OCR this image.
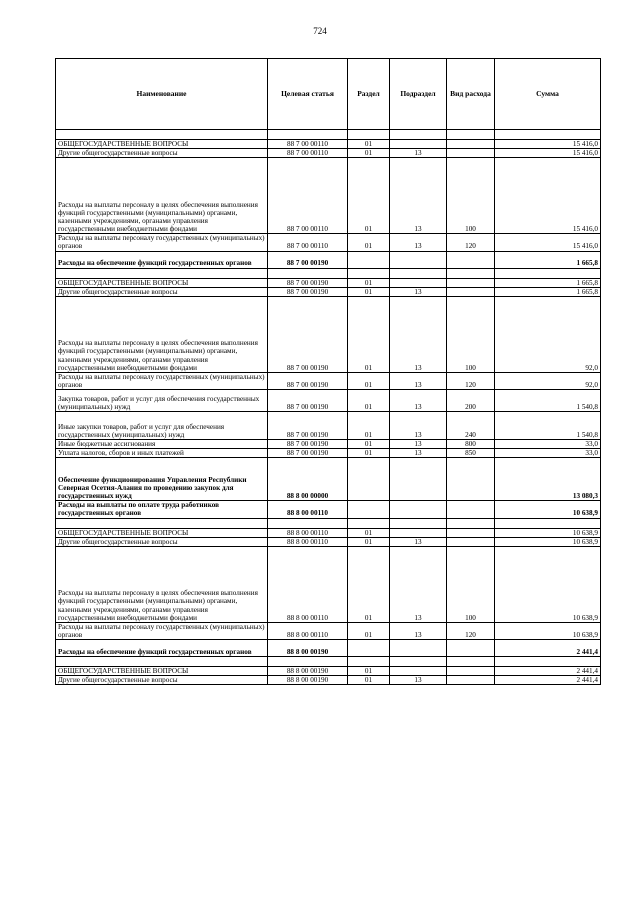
724
Наименование	Целевая статья	Раздел	Подраздел	Вид расхода	Сумма

ОБЩЕГОСУДАРСТВЕННЫЕ ВОПРОСЫ	88 7 00 00110	01			15 416,0
Другие общегосударственные вопросы	88 7 00 00110	01	13		15 416,0
Расходы на выплаты персоналу в целях обеспечения выполнения функций государственными (муниципальными) органами, казенными учреждениями, органами управления государственными внебюджетными фондами	88 7 00 00110	01	13	100	15 416,0
Расходы на выплаты персоналу государственных (муниципальных) органов	88 7 00 00110	01	13	120	15 416,0
Расходы на обеспечение функций государственных органов	88 7 00 00190				1 665,8

ОБЩЕГОСУДАРСТВЕННЫЕ ВОПРОСЫ	88 7 00 00190	01			1 665,8
Другие общегосударственные вопросы	88 7 00 00190	01	13		1 665,8
Расходы на выплаты персоналу в целях обеспечения выполнения функций государственными (муниципальными) органами, казенными учреждениями, органами управления государственными внебюджетными фондами	88 7 00 00190	01	13	100	92,0
Расходы на выплаты персоналу государственных (муниципальных) органов	88 7 00 00190	01	13	120	92,0
Закупка товаров, работ и услуг для обеспечения государственных (муниципальных) нужд	88 7 00 00190	01	13	200	1 540,8
Иные закупки товаров, работ и услуг для обеспечения государственных (муниципальных) нужд	88 7 00 00190	01	13	240	1 540,8
Иные бюджетные ассигнования	88 7 00 00190	01	13	800	33,0
Уплата налогов, сборов и иных платежей	88 7 00 00190	01	13	850	33,0
Обеспечение функционирования Управления Республики Северная Осетия-Алания по проведению закупок для государственных нужд	88 8 00 00000				13 080,3
Расходы на выплаты по оплате труда работников государственных органов	88 8 00 00110				10 638,9

ОБЩЕГОСУДАРСТВЕННЫЕ ВОПРОСЫ	88 8 00 00110	01			10 638,9
Другие общегосударственные вопросы	88 8 00 00110	01	13		10 638,9
Расходы на выплаты персоналу в целях обеспечения выполнения функций государственными (муниципальными) органами, казенными учреждениями, органами управления государственными внебюджетными фондами	88 8 00 00110	01	13	100	10 638,9
Расходы на выплаты персоналу государственных (муниципальных) органов	88 8 00 00110	01	13	120	10 638,9
Расходы на обеспечение функций государственных органов	88 8 00 00190				2 441,4

ОБЩЕГОСУДАРСТВЕННЫЕ ВОПРОСЫ	88 8 00 00190	01			2 441,4
Другие общегосударственные вопросы	88 8 00 00190	01	13		2 441,4
